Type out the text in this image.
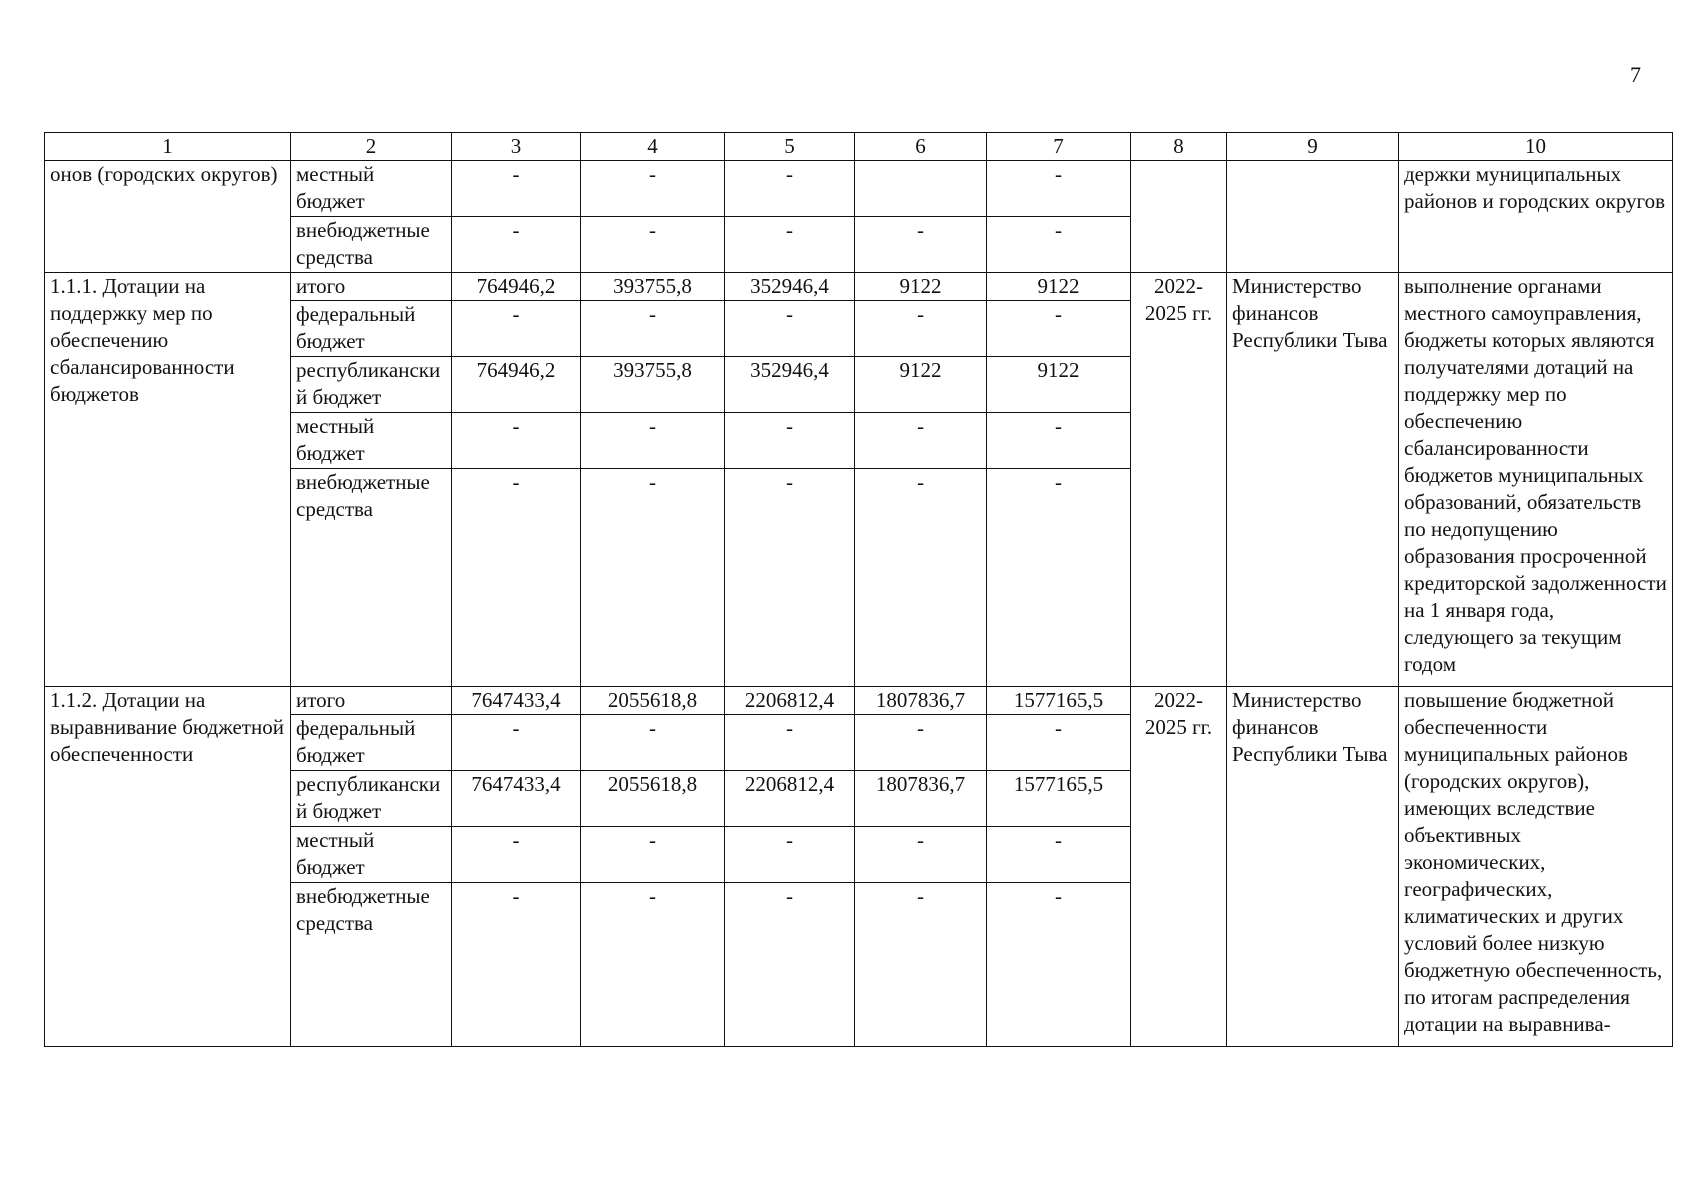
7
1	2	3	4	5	6	7	8	9	10
онов (городских округов)	местный бюджет	-	-	-		-			держки муниципальных районов и городских округов
	внебюджетные средства	-	-	-	-	-			
1.1.1. Дотации на поддержку мер по обеспечению сбалансированности бюджетов	итого	764946,2	393755,8	352946,4	9122	9122	2022-2025 гг.	Министерство финансов Республики Тыва	выполнение органами местного самоуправления, бюджеты которых являются получателями дотаций на поддержку мер по обеспечению сбалансированности бюджетов муниципальных образований, обязательств по недопущению образования просроченной кредиторской задолженности на 1 января года, следующего за текущим годом
	федеральный бюджет	-	-	-	-	-			
	республиканский бюджет	764946,2	393755,8	352946,4	9122	9122			
	местный бюджет	-	-	-	-	-			
	внебюджетные средства	-	-	-	-	-			
1.1.2. Дотации на выравнивание бюджетной обеспеченности	итого	7647433,4	2055618,8	2206812,4	1807836,7	1577165,5	2022-2025 гг.	Министерство финансов Республики Тыва	повышение бюджетной обеспеченности муниципальных районов (городских округов), имеющих вследствие объективных экономических, географических, климатических и других условий более низкую бюджетную обеспеченность, по итогам распределения дотации на выравнива-
	федеральный бюджет	-	-	-	-	-			
	республиканский бюджет	7647433,4	2055618,8	2206812,4	1807836,7	1577165,5			
	местный бюджет	-	-	-	-	-			
	внебюджетные средства	-	-	-	-	-			
